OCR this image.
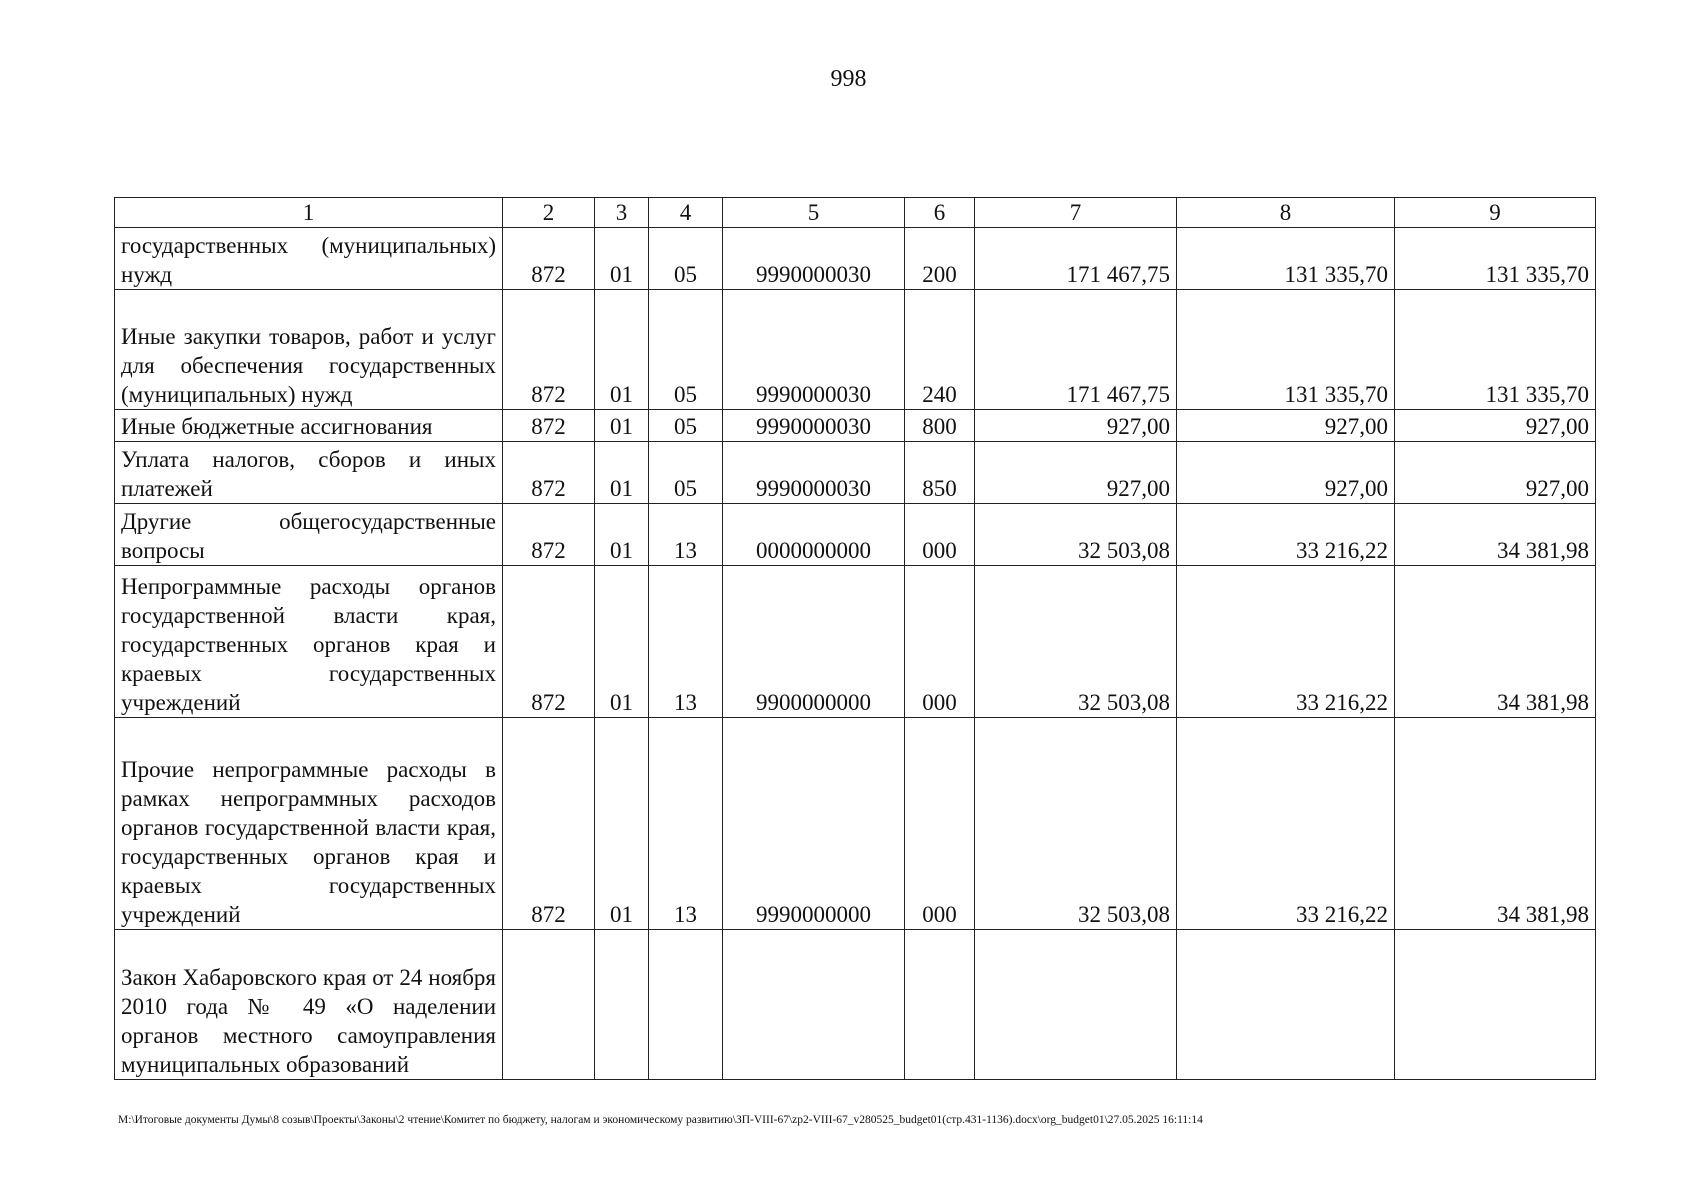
998
1	2	3	4	5	6	7	8	9
государственных (муниципальных) нужд	872	01	05	9990000030	200	171 467,75	131 335,70	131 335,70
Иные закупки товаров, работ и услуг для обеспечения государственных (муниципальных) нужд	872	01	05	9990000030	240	171 467,75	131 335,70	131 335,70
Иные бюджетные ассигнования	872	01	05	9990000030	800	927,00	927,00	927,00
Уплата налогов, сборов и иных платежей	872	01	05	9990000030	850	927,00	927,00	927,00
Другие общегосударственные вопросы	872	01	13	0000000000	000	32 503,08	33 216,22	34 381,98
Непрограммные расходы органов государственной власти края, государственных органов края и краевых государственных учреждений	872	01	13	9900000000	000	32 503,08	33 216,22	34 381,98
Прочие непрограммные расходы в рамках непрограммных расходов органов государственной власти края, государственных органов края и краевых государственных учреждений	872	01	13	9990000000	000	32 503,08	33 216,22	34 381,98
Закон Хабаровского края от 24 ноября 2010 года № 49 «О наделении органов местного самоуправления муниципальных образований								
M:\Итоговые документы Думы\8 созыв\Проекты\Законы\2 чтение\Комитет по бюджету, налогам и экономическому развитию\ЗП-VIII-67\zp2-VIII-67_v280525_budget01(стр.431-1136).docx\org_budget01\27.05.2025 16:11:14
